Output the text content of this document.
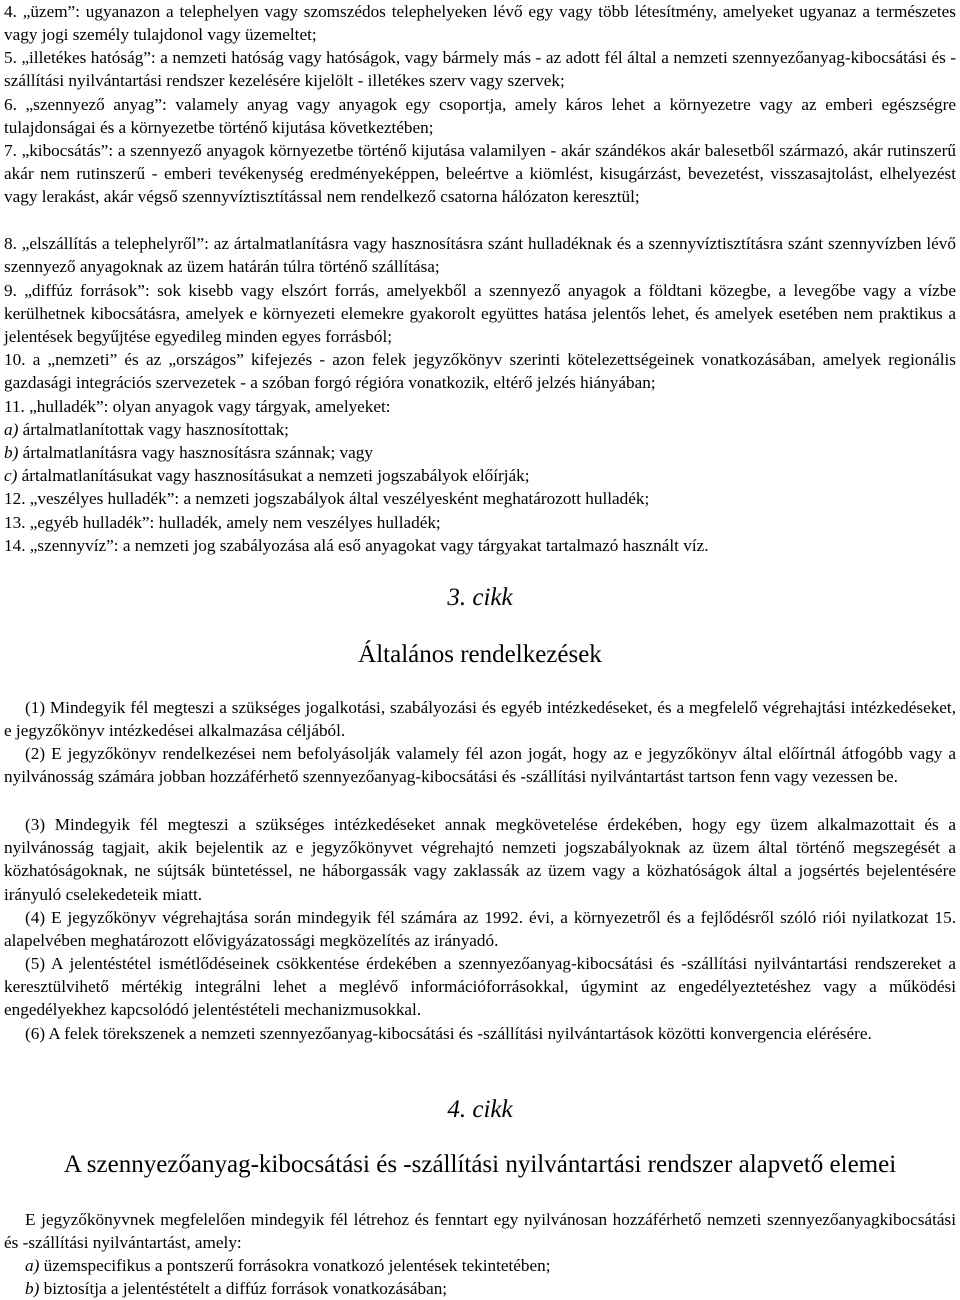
4. „üzem”: ugyanazon a telephelyen vagy szomszédos telephelyeken lévő egy vagy több létesítmény, amelyeket ugyanaz a természetes vagy jogi személy tulajdonol vagy üzemeltet;

5. „illetékes hatóság”: a nemzeti hatóság vagy hatóságok, vagy bármely más - az adott fél által a nemzeti szennyezőanyag-kibocsátási és -szállítási nyilvántartási rendszer kezelésére kijelölt - illetékes szerv vagy szervek;

6. „szennyező anyag”: valamely anyag vagy anyagok egy csoportja, amely káros lehet a környezetre vagy az emberi egészségre tulajdonságai és a környezetbe történő kijutása következtében;

7. „kibocsátás”: a szennyező anyagok környezetbe történő kijutása valamilyen - akár szándékos akár balesetből származó, akár rutinszerű akár nem rutinszerű - emberi tevékenység eredményeképpen, beleértve a kiömlést, kisugárzást, bevezetést, visszasajtolást, elhelyezést vagy lerakást, akár végső szennyvíztisztítással nem rendelkező csatorna hálózaton keresztül;

8. „elszállítás a telephelyről”: az ártalmatlanításra vagy hasznosításra szánt hulladéknak és a szennyvíztisztításra szánt szennyvízben lévő szennyező anyagoknak az üzem határán túlra történő szállítása;

9. „diffúz források”: sok kisebb vagy elszórt forrás, amelyekből a szennyező anyagok a földtani közegbe, a levegőbe vagy a vízbe kerülhetnek kibocsátásra, amelyek e környezeti elemekre gyakorolt együttes hatása jelentős lehet, és amelyek esetében nem praktikus a jelentések begyűjtése egyedileg minden egyes forrásból;

10. a „nemzeti” és az „országos” kifejezés - azon felek jegyzőkönyv szerinti kötelezettségeinek vonatkozásában, amelyek regionális gazdasági integrációs szervezetek - a szóban forgó régióra vonatkozik, eltérő jelzés hiányában;

11. „hulladék”: olyan anyagok vagy tárgyak, amelyeket:

a) ártalmatlanítottak vagy hasznosítottak;

b) ártalmatlanításra vagy hasznosításra szánnak; vagy

c) ártalmatlanításukat vagy hasznosításukat a nemzeti jogszabályok előírják;

12. „veszélyes hulladék”: a nemzeti jogszabályok által veszélyesként meghatározott hulladék;

13. „egyéb hulladék”: hulladék, amely nem veszélyes hulladék;

14. „szennyvíz”: a nemzeti jog szabályozása alá eső anyagokat vagy tárgyakat tartalmazó használt víz.

3. cikk

Általános rendelkezések

(1) Mindegyik fél megteszi a szükséges jogalkotási, szabályozási és egyéb intézkedéseket, és a megfelelő végrehajtási intézkedéseket, e jegyzőkönyv intézkedései alkalmazása céljából.

(2) E jegyzőkönyv rendelkezései nem befolyásolják valamely fél azon jogát, hogy az e jegyzőkönyv által előírtnál átfogóbb vagy a nyilvánosság számára jobban hozzáférhető szennyezőanyag-kibocsátási és -szállítási nyilvántartást tartson fenn vagy vezessen be.

(3) Mindegyik fél megteszi a szükséges intézkedéseket annak megkövetelése érdekében, hogy egy üzem alkalmazottait és a nyilvánosság tagjait, akik bejelentik az e jegyzőkönyvet végrehajtó nemzeti jogszabályoknak az üzem által történő megszegését a közhatóságoknak, ne sújtsák büntetéssel, ne háborgassák vagy zaklassák az üzem vagy a közhatóságok által a jogsértés bejelentésére irányuló cselekedeteik miatt.

(4) E jegyzőkönyv végrehajtása során mindegyik fél számára az 1992. évi, a környezetről és a fejlődésről szóló riói nyilatkozat 15. alapelvében meghatározott elővigyázatossági megközelítés az irányadó.

(5) A jelentéstétel ismétlődéseinek csökkentése érdekében a szennyezőanyag-kibocsátási és -szállítási nyilvántartási rendszereket a keresztülvihető mértékig integrálni lehet a meglévő információforrásokkal, úgymint az engedélyeztetéshez vagy a működési engedélyekhez kapcsolódó jelentéstételi mechanizmusokkal.

(6) A felek törekszenek a nemzeti szennyezőanyag-kibocsátási és -szállítási nyilvántartások közötti konvergencia elérésére.

4. cikk

A szennyezőanyag-kibocsátási és -szállítási nyilvántartási rendszer alapvető elemei

E jegyzőkönyvnek megfelelően mindegyik fél létrehoz és fenntart egy nyilvánosan hozzáférhető nemzeti szennyezőanyagkibocsátási és -szállítási nyilvántartást, amely:

a) üzemspecifikus a pontszerű forrásokra vonatkozó jelentések tekintetében;

b) biztosítja a jelentéstételt a diffúz források vonatkozásában;
